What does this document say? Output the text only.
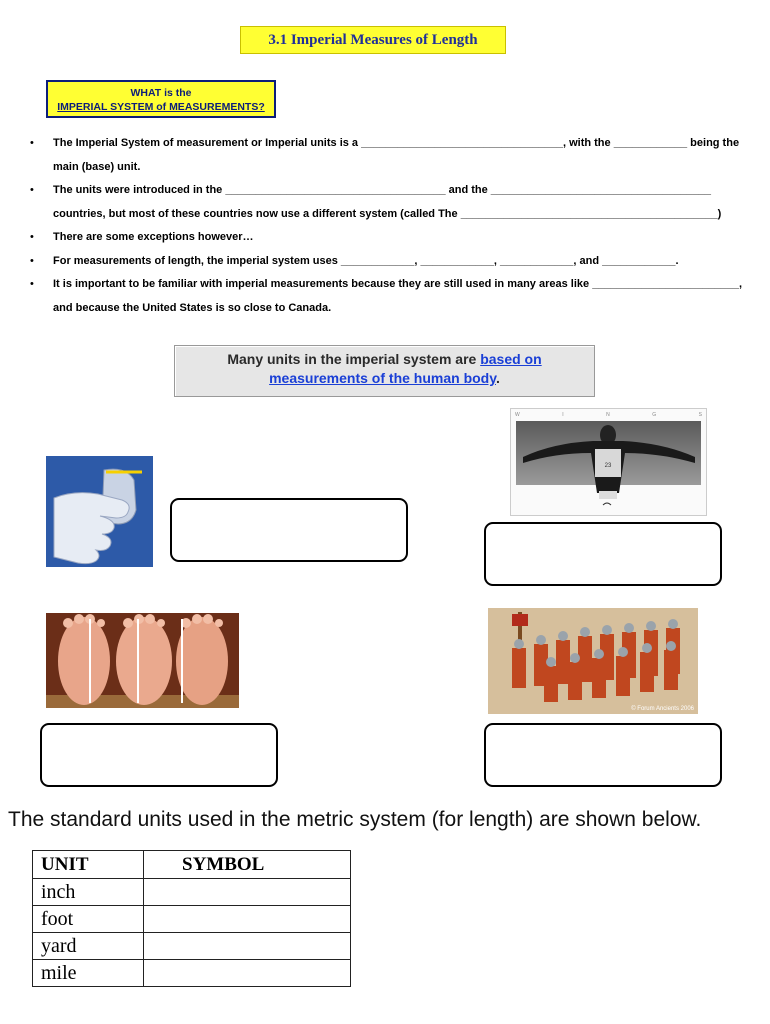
3.1 Imperial Measures of Length
WHAT is the
IMPERIAL SYSTEM of MEASUREMENTS?
• The Imperial System of measurement or Imperial units is a _________________________________, with the ____________ being the main (base) unit.
• The units were introduced in the ____________________________________ and the ____________________________________ countries, but most of these countries now use a different system (called The __________________________________________)
• There are some exceptions however…
• For measurements of length, the imperial system uses ____________, ____________, ____________, and ____________.
• It is important to be familiar with imperial measurements because they are still used in many areas like ________________________, and because the United States is so close to Canada.
Many units in the imperial system are based on
measurements of the human body.
W	I	N	G	S
23
© Forum Ancients 2006
The standard units used in the metric system (for length) are shown below.
UNIT	SYMBOL
inch	
foot	
yard	
mile	
